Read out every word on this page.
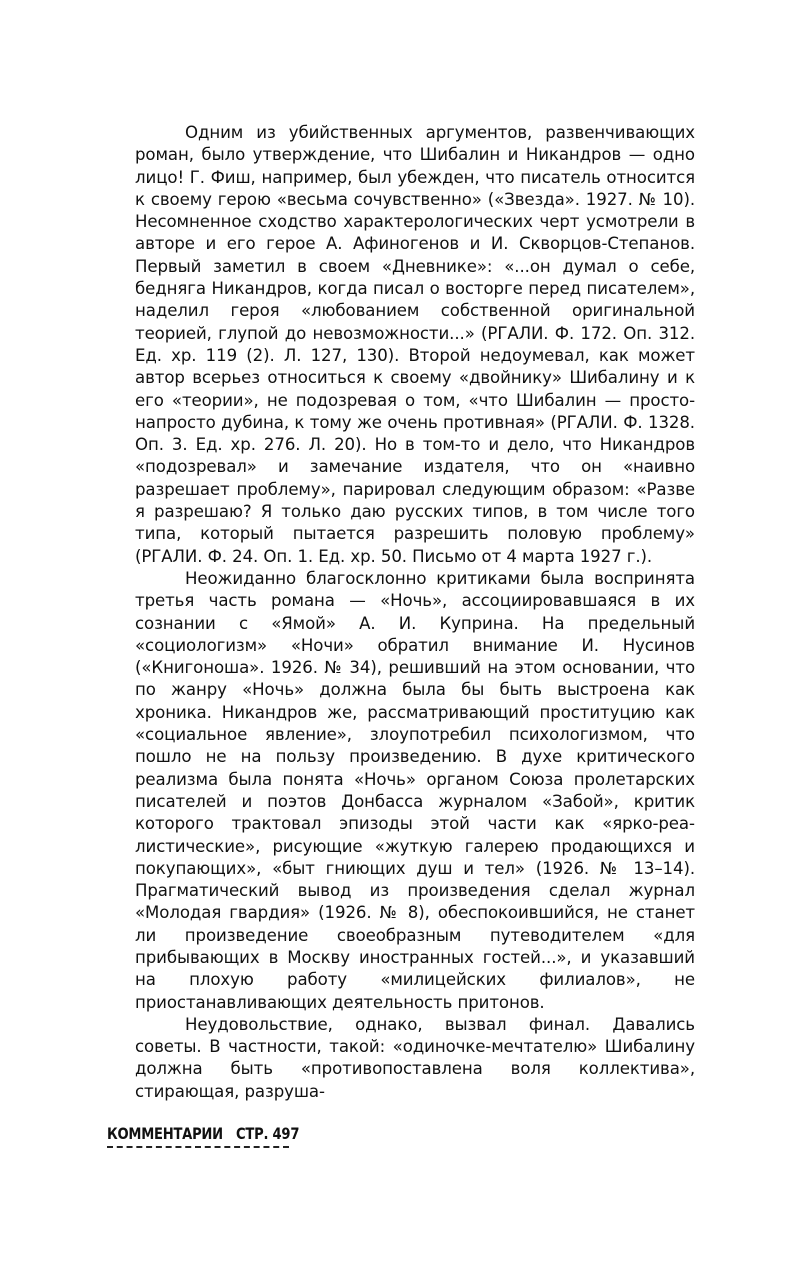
Одним из убийственных аргументов, развенчивающих роман, было утверждение, что Шибалин и Никандров — одно лицо! Г. Фиш, например, был убежден, что писатель относится к своему герою «весьма сочувственно» («Звезда». 1927. № 10). Несомненное сходство характерологических черт усмотрели в авторе и его герое А. Афиногенов и И. Скворцов-Степанов. Первый заметил в своем «Дневнике»: «...он думал о себе, бедняга Никандров, когда писал о восторге перед писателем», наделил героя «любованием собственной оригинальной теорией, глупой до невозможности...» (РГАЛИ. Ф. 172. Оп. 312. Ед. хр. 119 (2). Л. 127, 130). Второй недоумевал, как может автор всерьез относиться к своему «двойнику» Шибалину и к его «теории», не подозревая о том, «что Шибалин — просто-напросто дубина, к тому же очень противная» (РГАЛИ. Ф. 1328. Оп. 3. Ед. хр. 276. Л. 20). Но в том-то и дело, что Никандров «подозревал» и замечание издателя, что он «наивно разрешает проблему», парировал следующим образом: «Разве я разрешаю? Я только даю русских типов, в том числе того типа, который пытается разрешить половую проблему» (РГАЛИ. Ф. 24. Оп. 1. Ед. хр. 50. Письмо от 4 марта 1927 г.).

Неожиданно благосклонно критиками была воспринята третья часть романа — «Ночь», ассоциировавшаяся в их сознании с «Ямой» А. И. Куприна. На предельный «социологизм» «Ночи» обратил внимание И. Нусинов («Книгоноша». 1926. № 34), решивший на этом основании, что по жанру «Ночь» должна была бы быть выстроена как хроника. Никандров же, рассматривающий проституцию как «социальное явление», злоупотребил психологизмом, что пошло не на пользу произведению. В духе критического реализма была понята «Ночь» органом Союза пролетарских писателей и поэтов Донбасса журналом «Забой», критик которого трактовал эпизоды этой части как «ярко-реалистические», рисующие «жуткую галерею продающихся и покупающих», «быт гниющих душ и тел» (1926. № 13–14). Прагматический вывод из произведения сделал журнал «Молодая гвардия» (1926. № 8), обеспокоившийся, не станет ли произведение своеобразным путеводителем «для прибывающих в Москву иностранных гостей...», и указавший на плохую работу «милицейских филиалов», не приостанавливающих деятельность притонов.

Неудовольствие, однако, вызвал финал. Давались советы. В частности, такой: «одиночке-мечтателю» Шибалину должна быть «противопоставлена воля коллектива», стирающая, разруша-

КОММЕНТАРИИ СТР. 497
